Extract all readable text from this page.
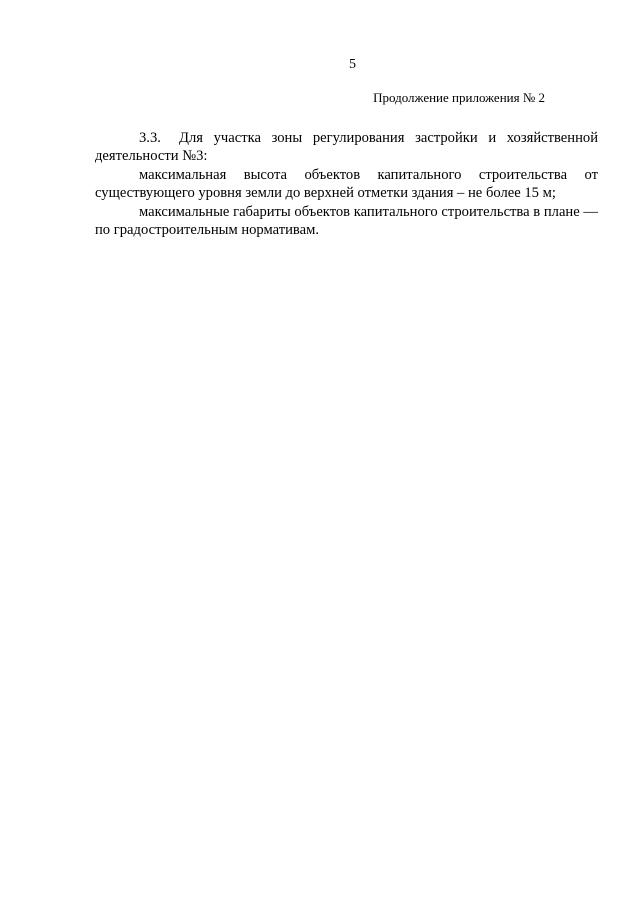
5
Продолжение приложения № 2

3.3. Для участка зоны регулирования застройки и хозяйственной деятельности №3:

максимальная высота объектов капитального строительства от существующего уровня земли до верхней отметки здания – не более 15 м;

максимальные габариты объектов капитального строительства в плане — по градостроительным нормативам.
